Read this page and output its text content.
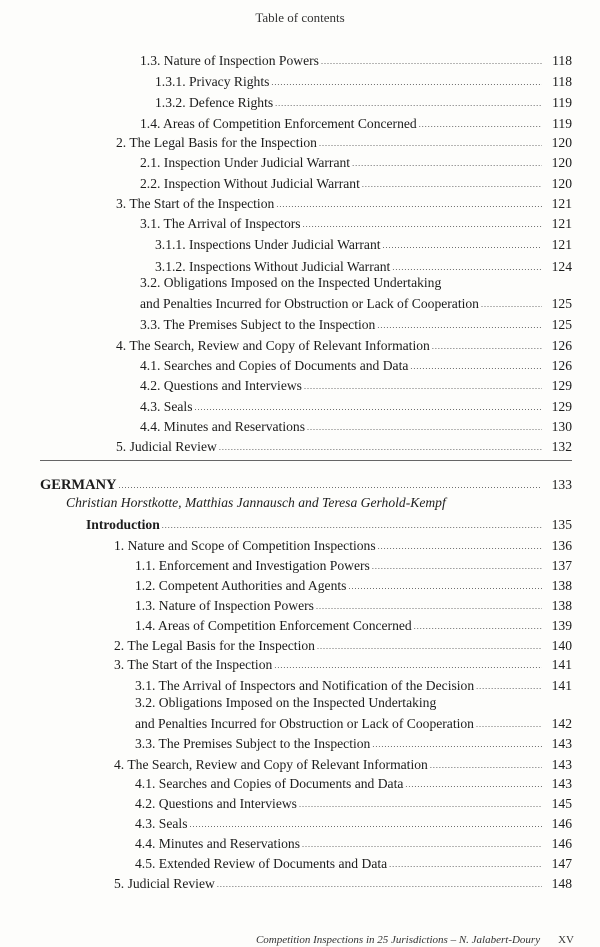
Table of contents
1.3. Nature of Inspection Powers .....	118
1.3.1. Privacy Rights .....	118
1.3.2. Defence Rights .....	119
1.4. Areas of Competition Enforcement Concerned .....	119
2. The Legal Basis for the Inspection .....	120
2.1. Inspection Under Judicial Warrant .....	120
2.2. Inspection Without Judicial Warrant .....	120
3. The Start of the Inspection .....	121
3.1. The Arrival of Inspectors .....	121
3.1.1. Inspections Under Judicial Warrant .....	121
3.1.2. Inspections Without Judicial Warrant .....	124
3.2. Obligations Imposed on the Inspected Undertaking
and Penalties Incurred for Obstruction or Lack of Cooperation .....	125
3.3. The Premises Subject to the Inspection .....	125
4. The Search, Review and Copy of Relevant Information .....	126
4.1. Searches and Copies of Documents and Data .....	126
4.2. Questions and Interviews .....	129
4.3. Seals .....	129
4.4. Minutes and Reservations .....	130
5. Judicial Review .....	132
GERMANY .....	133
Christian Horstkotte, Matthias Jannausch and Teresa Gerhold-Kempf
Introduction .....	135
1. Nature and Scope of Competition Inspections .....	136
1.1. Enforcement and Investigation Powers .....	137
1.2. Competent Authorities and Agents .....	138
1.3. Nature of Inspection Powers .....	138
1.4. Areas of Competition Enforcement Concerned .....	139
2. The Legal Basis for the Inspection .....	140
3. The Start of the Inspection .....	141
3.1. The Arrival of Inspectors and Notification of the Decision .....	141
3.2. Obligations Imposed on the Inspected Undertaking
and Penalties Incurred for Obstruction or Lack of Cooperation .....	142
3.3. The Premises Subject to the Inspection .....	143
4. The Search, Review and Copy of Relevant Information .....	143
4.1. Searches and Copies of Documents and Data .....	143
4.2. Questions and Interviews .....	145
4.3. Seals .....	146
4.4. Minutes and Reservations .....	146
4.5. Extended Review of Documents and Data .....	147
5. Judicial Review .....	148
Competition Inspections in 25 Jurisdictions – N. Jalabert-Doury XV
